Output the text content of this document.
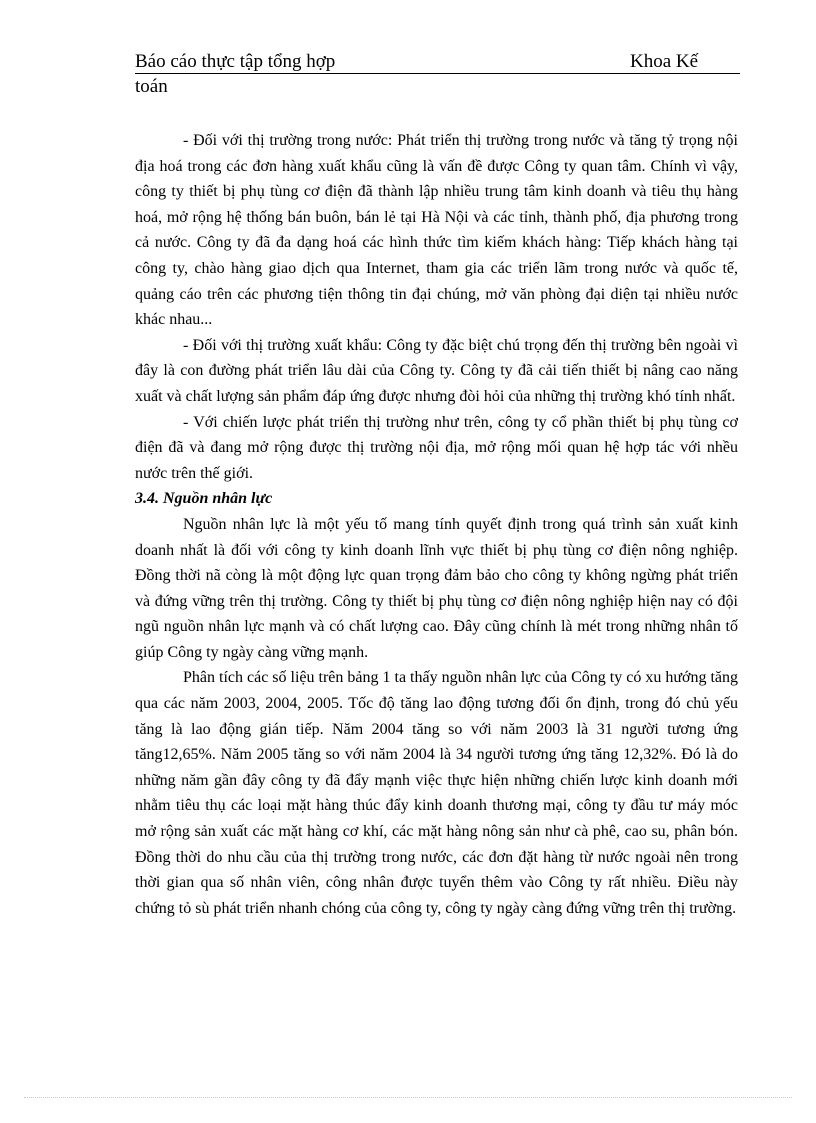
Báo cáo thực tập tổng hợp	Khoa Kế
toán

- Đối với thị trường trong nước: Phát triển thị trường trong nước và tăng tỷ trọng nội địa hoá trong các đơn hàng xuất khẩu cũng là vấn đề được Công ty quan tâm. Chính vì vậy, công ty thiết bị phụ tùng cơ điện đã thành lập nhiều trung tâm kinh doanh và tiêu thụ hàng hoá, mở rộng hệ thống bán buôn, bán lẻ tại Hà Nội và các tỉnh, thành phố, địa phương trong cả nước. Công ty đã đa dạng hoá các hình thức tìm kiếm khách hàng: Tiếp khách hàng tại công ty, chào hàng giao dịch qua Internet, tham gia các triển lãm trong nước và quốc tế, quảng cáo trên các phương tiện thông tin đại chúng, mở văn phòng đại diện tại nhiều nước khác nhau...

- Đối với thị trường xuất khẩu: Công ty đặc biệt chú trọng đến thị trường bên ngoài vì đây là con đường phát triển lâu dài của Công ty. Công ty đã cải tiến thiết bị nâng cao năng xuất và chất lượng sản phẩm đáp ứng được nhưng đòi hỏi của những thị trường khó tính nhất.

- Với chiến lược phát triển thị trường như trên, công ty cổ phần thiết bị phụ tùng cơ điện đã và đang mở rộng được thị trường nội địa, mở rộng mối quan hệ hợp tác với nhều nước trên thế giới.

3.4. Nguồn nhân lực

Nguồn nhân lực là một yếu tố mang tính quyết định trong quá trình sản xuất kinh doanh nhất là đối với công ty kinh doanh lĩnh vực thiết bị phụ tùng cơ điện nông nghiệp. Đồng thời nã còng là một động lực quan trọng đảm bảo cho công ty không ngừng phát triển và đứng vững trên thị trường. Công ty thiết bị phụ tùng cơ điện nông nghiệp hiện nay có đội ngũ nguồn nhân lực mạnh và có chất lượng cao. Đây cũng chính là mét trong những nhân tố giúp Công ty ngày càng vững mạnh.

Phân tích các số liệu trên bảng 1 ta thấy nguồn nhân lực của Công ty có xu hướng tăng qua các năm 2003, 2004, 2005. Tốc độ tăng lao động tương đối ổn định, trong đó chủ yếu tăng là lao động gián tiếp. Năm 2004 tăng so với năm 2003 là 31 người tương ứng tăng12,65%. Năm 2005 tăng so với năm 2004 là 34 người tương ứng tăng 12,32%. Đó là do những năm gần đây công ty đã đẩy mạnh việc thực hiện những chiến lược kinh doanh mới nhằm tiêu thụ các loại mặt hàng thúc đẩy kinh doanh thương mại, công ty đầu tư máy móc mở rộng sản xuất các mặt hàng cơ khí, các mặt hàng nông sản như cà phê, cao su, phân bón. Đồng thời do nhu cầu của thị trường trong nước, các đơn đặt hàng từ nước ngoài nên trong thời gian qua số nhân viên, công nhân được tuyển thêm vào Công ty rất nhiều. Điều này chứng tỏ sù phát triển nhanh chóng của công ty, công ty ngày càng đứng vững trên thị trường.
